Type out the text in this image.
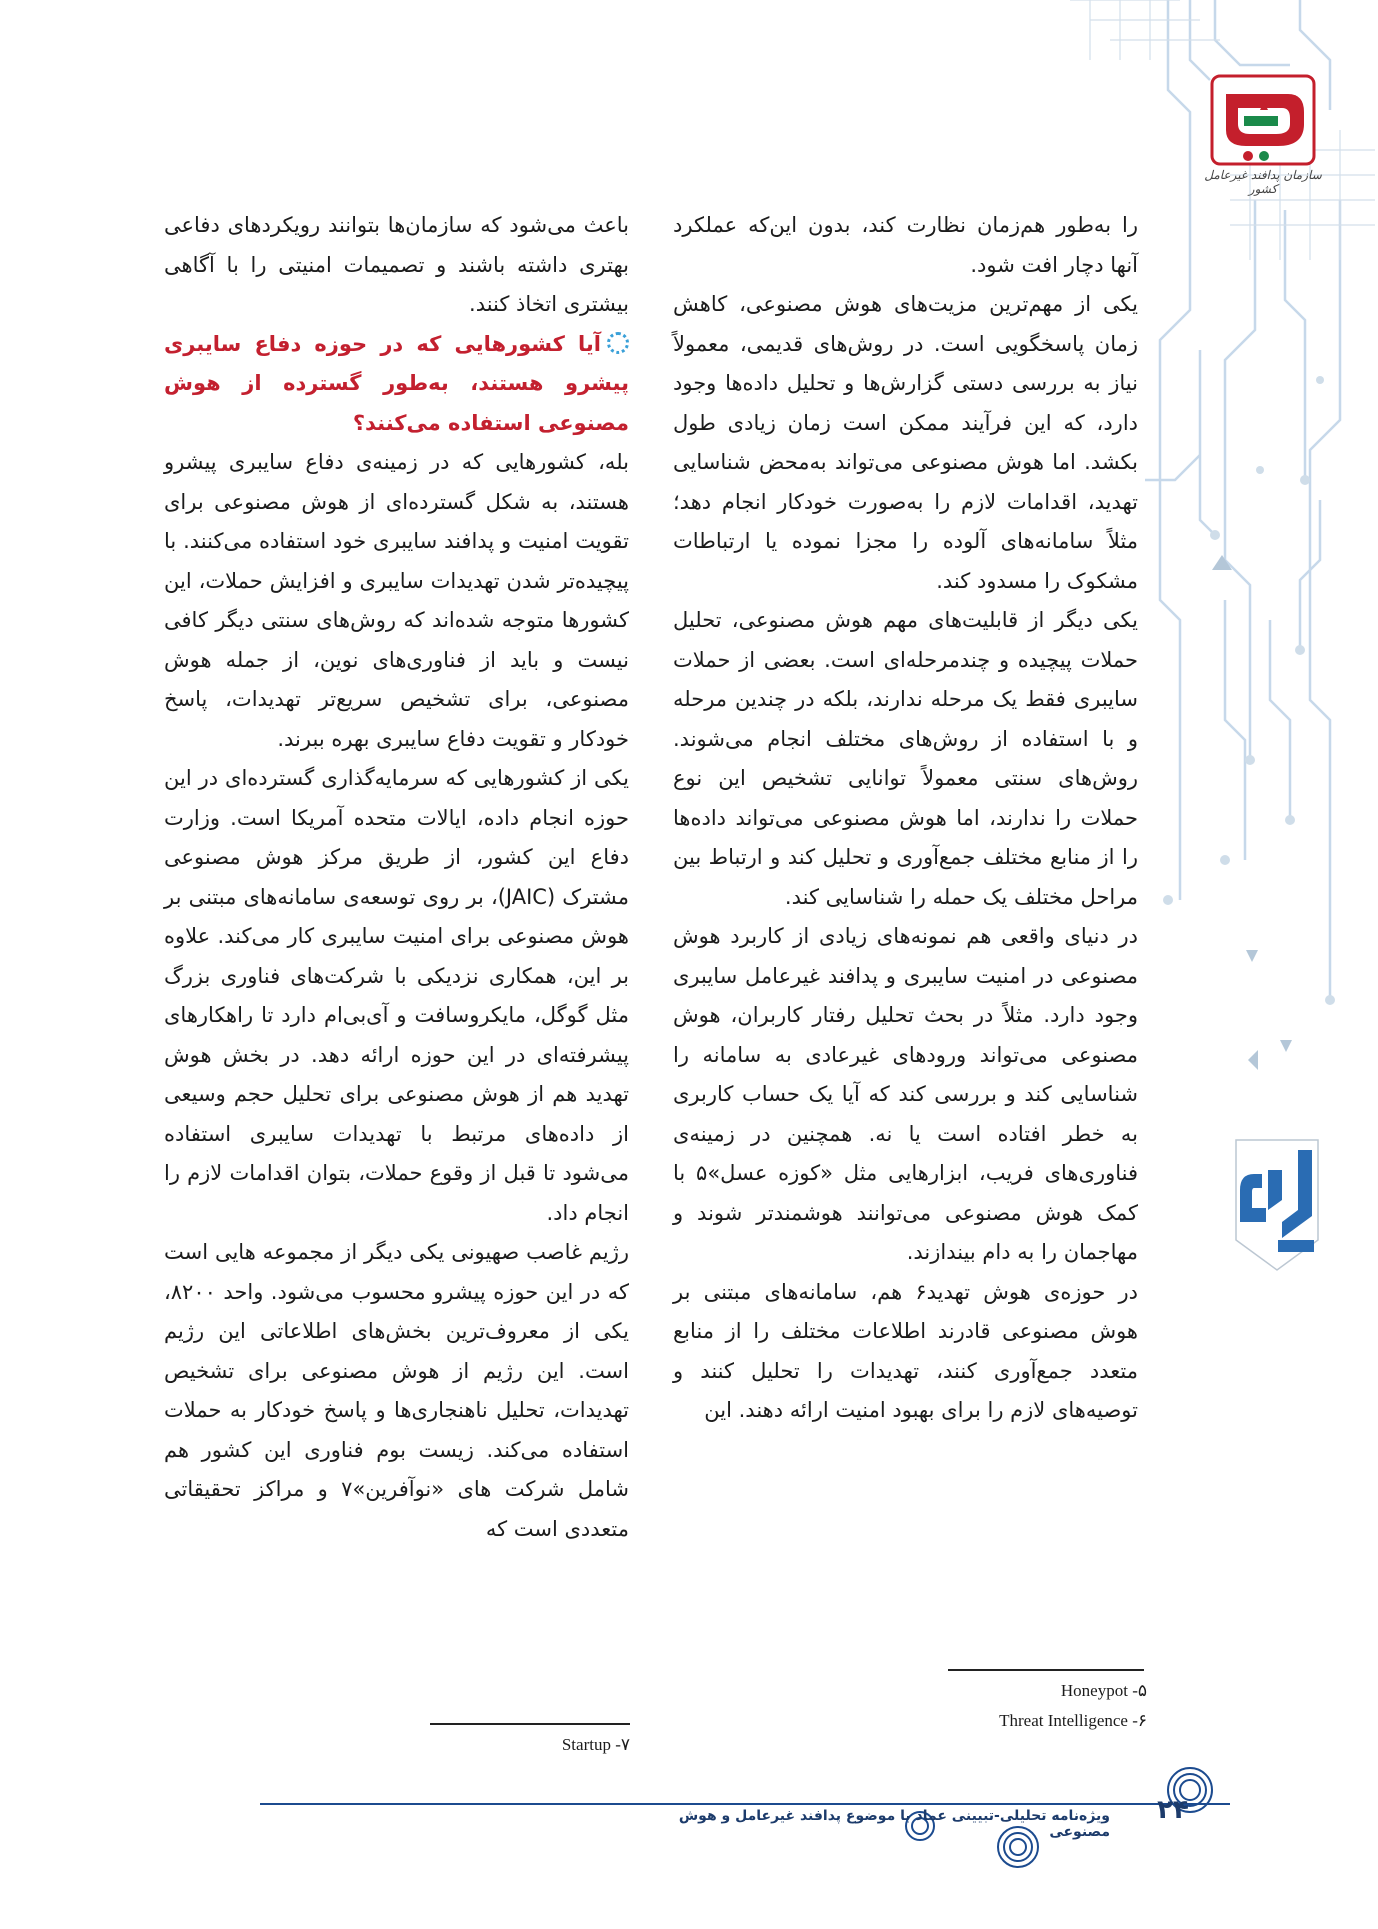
سازمان پدافند غیرعامل کشور

را به‌طور هم‌زمان نظارت کند، بدون این‌که عملکرد آنها دچار افت شود.

یکی از مهم‌ترین مزیت‌های هوش مصنوعی، کاهش زمان پاسخگویی است. در روش‌های قدیمی، معمولاً نیاز به بررسی دستی گزارش‌ها و تحلیل داده‌ها وجود دارد، که این فرآیند ممکن است زمان زیادی طول بکشد. اما هوش مصنوعی می‌تواند به‌محض شناسایی تهدید، اقدامات لازم را به‌صورت خودکار انجام دهد؛ مثلاً سامانه‌های آلوده را مجزا نموده یا ارتباطات مشکوک را مسدود کند.

یکی دیگر از قابلیت‌های مهم هوش مصنوعی، تحلیل حملات پیچیده و چندمرحله‌ای است. بعضی از حملات سایبری فقط یک مرحله ندارند، بلکه در چندین مرحله و با استفاده از روش‌های مختلف انجام می‌شوند. روش‌های سنتی معمولاً توانایی تشخیص این نوع حملات را ندارند، اما هوش مصنوعی می‌تواند داده‌ها را از منابع مختلف جمع‌آوری و تحلیل کند و ارتباط بین مراحل مختلف یک حمله را شناسایی کند.

در دنیای واقعی هم نمونه‌های زیادی از کاربرد هوش مصنوعی در امنیت سایبری و پدافند غیرعامل سایبری وجود دارد. مثلاً در بحث تحلیل رفتار کاربران، هوش مصنوعی می‌تواند ورودهای غیرعادی به سامانه را شناسایی کند و بررسی کند که آیا یک حساب کاربری به خطر افتاده است یا نه. همچنین در زمینه‌ی فناوری‌های فریب، ابزارهایی مثل «کوزه عسل»۵ با کمک هوش مصنوعی می‌توانند هوشمندتر شوند و مهاجمان را به دام بیندازند.

در حوزه‌ی هوش تهدید۶ هم، سامانه‌های مبتنی بر هوش مصنوعی قادرند اطلاعات مختلف را از منابع متعدد جمع‌آوری کنند، تهدیدات را تحلیل کنند و توصیه‌های لازم را برای بهبود امنیت ارائه دهند. این

باعث می‌شود که سازمان‌ها بتوانند رویکردهای دفاعی بهتری داشته باشند و تصمیمات امنیتی را با آگاهی بیشتری اتخاذ کنند.

آیا کشورهایی که در حوزه دفاع سایبری پیشرو هستند، به‌طور گسترده از هوش مصنوعی استفاده می‌کنند؟

بله، کشورهایی که در زمینه‌ی دفاع سایبری پیشرو هستند، به شکل گسترده‌ای از هوش مصنوعی برای تقویت امنیت و پدافند سایبری خود استفاده می‌کنند. با پیچیده‌تر شدن تهدیدات سایبری و افزایش حملات، این کشورها متوجه شده‌اند که روش‌های سنتی دیگر کافی نیست و باید از فناوری‌های نوین، از جمله هوش مصنوعی، برای تشخیص سریع‌تر تهدیدات، پاسخ خودکار و تقویت دفاع سایبری بهره ببرند.

یکی از کشورهایی که سرمایه‌گذاری گسترده‌ای در این حوزه انجام داده، ایالات متحده آمریکا است. وزارت دفاع این کشور، از طریق مرکز هوش مصنوعی مشترک (JAIC)، بر روی توسعه‌ی سامانه‌های مبتنی بر هوش مصنوعی برای امنیت سایبری کار می‌کند. علاوه بر این، همکاری نزدیکی با شرکت‌های فناوری بزرگ مثل گوگل، مایکروسافت و آی‌بی‌ام دارد تا راهکارهای پیشرفته‌ای در این حوزه ارائه دهد. در بخش هوش تهدید هم از هوش مصنوعی برای تحلیل حجم وسیعی از داده‌های مرتبط با تهدیدات سایبری استفاده می‌شود تا قبل از وقوع حملات، بتوان اقدامات لازم را انجام داد.

رژیم غاصب صهیونی یکی دیگر از مجموعه هایی است که در این حوزه پیشرو محسوب می‌شود. واحد ۸۲۰۰، یکی از معروف‌ترین بخش‌های اطلاعاتی این رژیم است. این رژیم از هوش مصنوعی برای تشخیص تهدیدات، تحلیل ناهنجاری‌ها و پاسخ خودکار به حملات استفاده می‌کند. زیست بوم فناوری این کشور هم شامل شرکت های «نوآفرین»۷ و مراکز تحقیقاتی متعددی است که

Honeypot -۵
Threat Intelligence -۶
Startup -۷
ویژه‌نامه تحلیلی-تبیینی عماد با موضوع پدافند غیرعامل و هوش مصنوعی
۲۴
